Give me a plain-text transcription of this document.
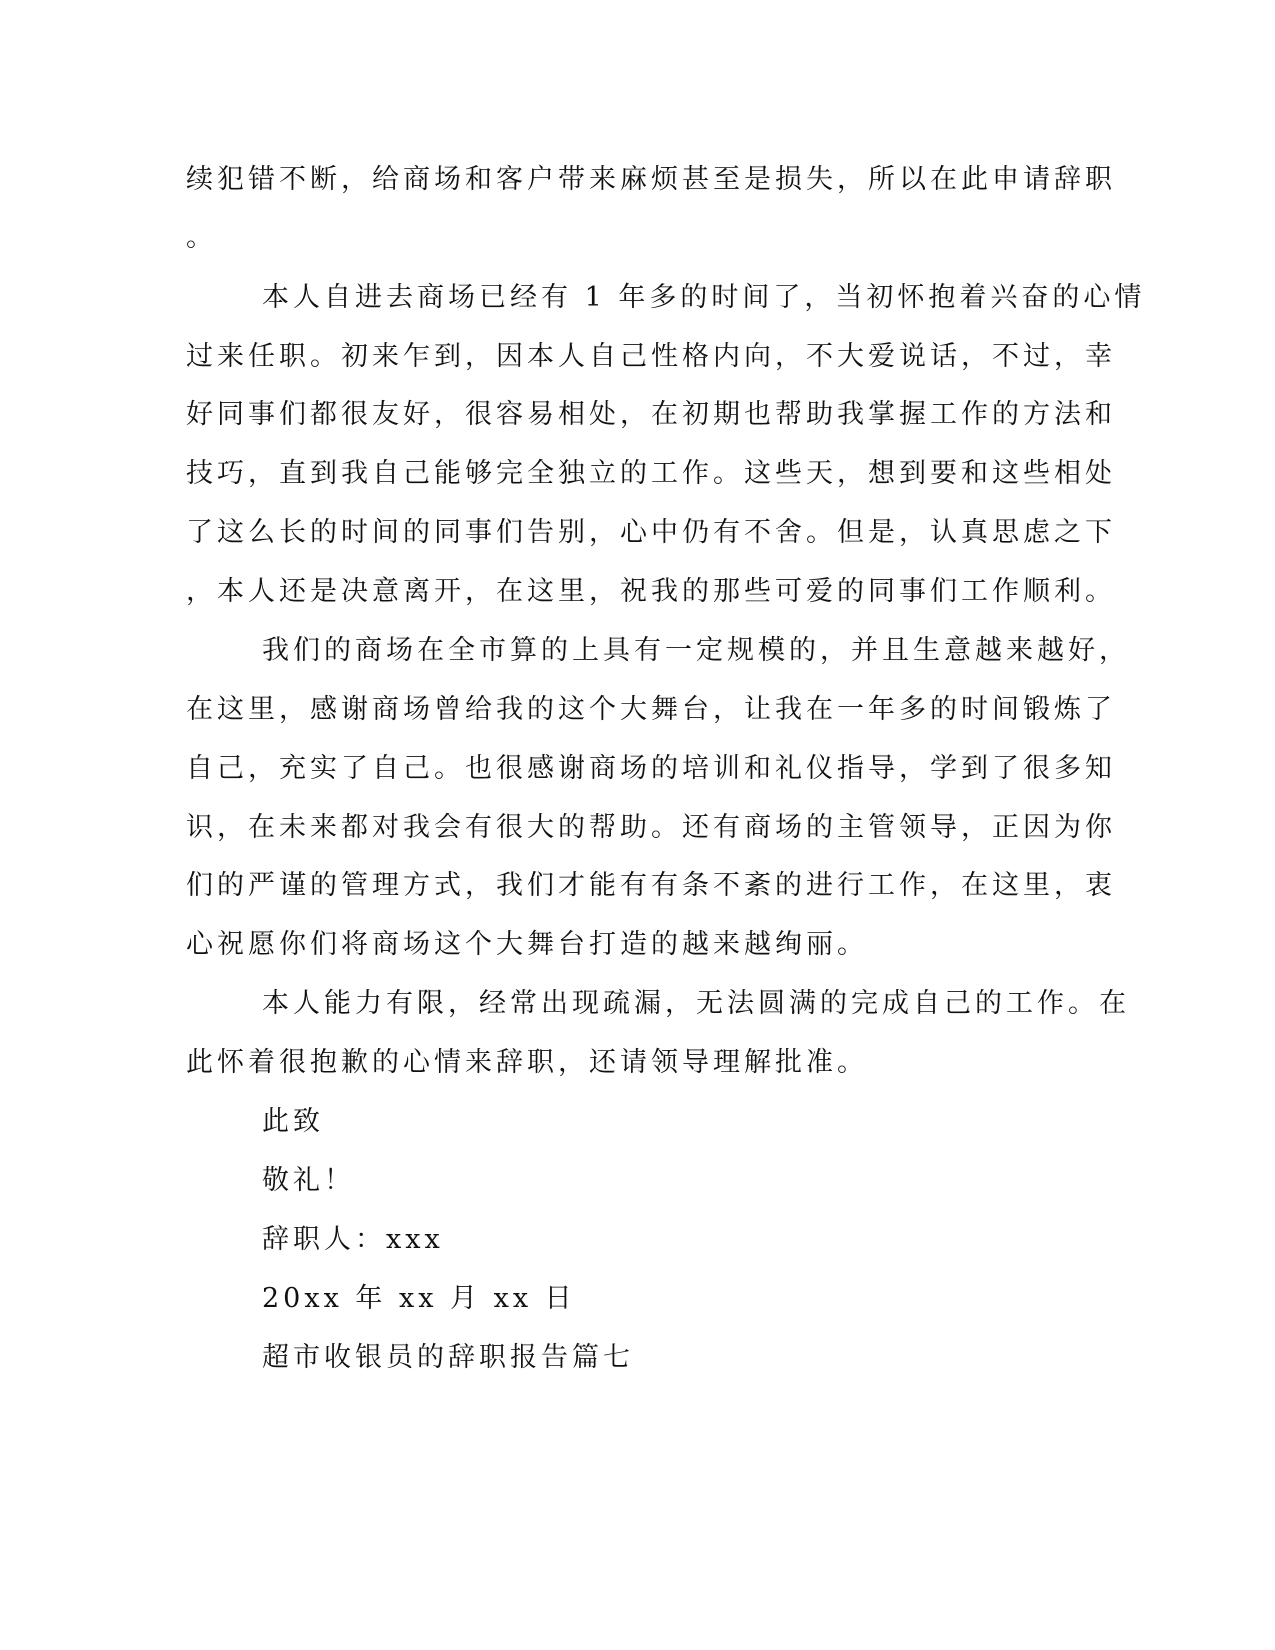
续犯错不断，给商场和客户带来麻烦甚至是损失，所以在此申请辞职
。
本人自进去商场已经有 1 年多的时间了，当初怀抱着兴奋的心情
过来任职。初来乍到，因本人自己性格内向，不大爱说话，不过，幸
好同事们都很友好，很容易相处，在初期也帮助我掌握工作的方法和
技巧，直到我自己能够完全独立的工作。这些天，想到要和这些相处
了这么长的时间的同事们告别，心中仍有不舍。但是，认真思虑之下
，本人还是决意离开，在这里，祝我的那些可爱的同事们工作顺利。
我们的商场在全市算的上具有一定规模的，并且生意越来越好，
在这里，感谢商场曾给我的这个大舞台，让我在一年多的时间锻炼了
自己，充实了自己。也很感谢商场的培训和礼仪指导，学到了很多知
识，在未来都对我会有很大的帮助。还有商场的主管领导，正因为你
们的严谨的管理方式，我们才能有有条不紊的进行工作，在这里，衷
心祝愿你们将商场这个大舞台打造的越来越绚丽。
本人能力有限，经常出现疏漏，无法圆满的完成自己的工作。在
此怀着很抱歉的心情来辞职，还请领导理解批准。
此致
敬礼！
辞职人：xxx
20xx 年 xx 月 xx 日
超市收银员的辞职报告篇七
